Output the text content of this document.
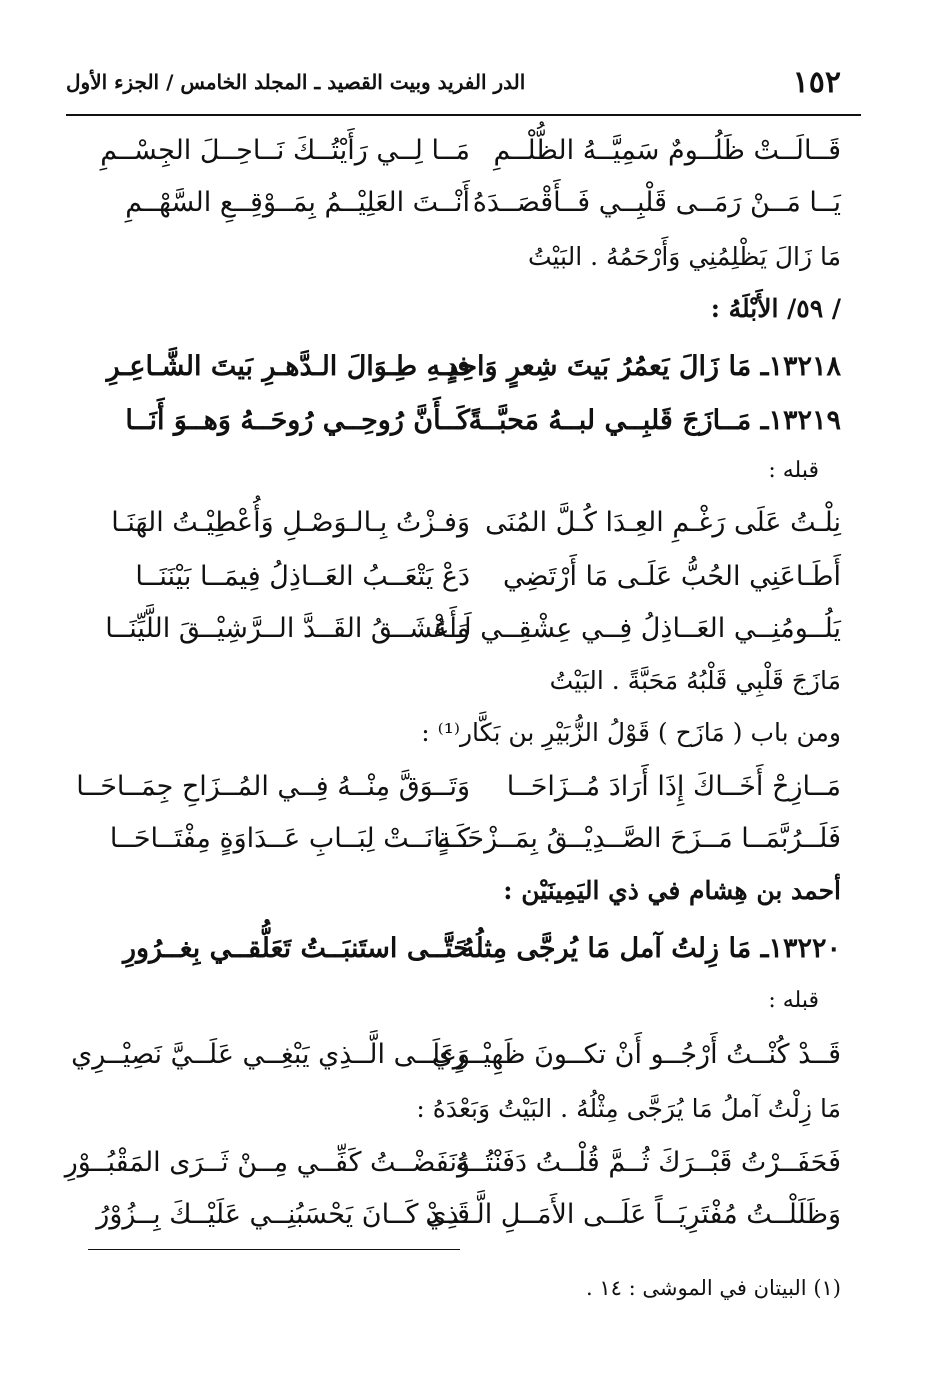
١٥٢
الدر الفريد وبيت القصيد ـ المجلد الخامس / الجزء الأول
قَــالَــتْ ظَلُــومٌ سَمِيَّــهُ الظُّلْــمِ
مَــا لِــي رَأَيْتُــكَ نَــاحِــلَ الجِسْــمِ
يَــا مَــنْ رَمَــى قَلْبِــي فَــأَقْصَــدَهُ
أَنْــتَ العَلِيْــمُ بِمَــوْقِــعِ السَّهْــمِ
مَا زَالَ يَظْلِمُنِي وَأَرْحَمُهُ . البَيْتُ
/ ٥٩/ الأَبْلَهُ :
١٣٢١٨ـ مَا زَالَ يَعمُرُ بَيتَ شِعرٍ وَاحِدٍ
فيـهِ طِـوَالَ الـدَّهـرِ بَيتَ الشَّـاعِـرِ
١٣٢١٩ـ مَــازَجَ قَلبِــي لبــهُ مَحبَّــةً
كَــأَنَّ رُوحِــي رُوحَــهُ وَهــوَ أَنَــا
قبله :
نِلْـتُ عَلَى رَغْـمِ العِـدَا كُـلَّ المُنَى
وَفـزْتُ بِـالـوَصْـلِ وَأُعْطِيْـتُ الهَنَـا
أَطَـاعَنِي الحُبُّ عَلَـى مَا أَرْتَضِي
دَعْ يَتْعَــبُ العَــاذِلُ فِيمَــا بَيْنَنَــا
يَلُــومُنِــي العَــاذِلُ فِــي عِشْقِــي لَــهُ
وَأَعْشَــقُ القَــدَّ الــرَّشِيْــقَ اللَّيِّنَــا
مَازَجَ قَلْبِي قَلْبُهُ مَحَبَّةً . البَيْتُ
ومن باب ( مَازَح ) قَوْلُ الزُّبَيْرِ بن بَكَّار⁽¹⁾ :
مَــازِحْ أَخَــاكَ إِذَا أَرَادَ مُــزَاحَــا
وَتَــوَقَّ مِنْــهُ فِــي المُــزَاحِ جِمَــاحَــا
فَلَــرُبَّمَــا مَــزَحَ الصَّــدِيْــقُ بِمَــزْحَــةٍ
كَــانَــتْ لِبَــابِ عَــدَاوَةٍ مِفْتَــاحَــا
أحمد بن هِشام في ذي اليَمِينَيْن :
١٣٢٢٠ـ مَا زِلتُ آمل مَا يُرجَّى مِثلُهُ
حَتَّــى استَنبَــتُ تَعَلُّقــي بِغــرُورِ
قبله :
قَــدْ كُنْــتُ أَرْجُــو أَنْ تكــونَ ظَهِيْــرِي
وَعَلَــى الَّــذِي يَبْغِــي عَلَــيَّ نَصِيْــرِي
مَا زِلْتُ آملُ مَا يُرَجَّى مِثْلُهُ . البَيْتُ وَبَعْدَهُ :
فَحَفَــرْتُ قَبْــرَكَ ثُــمَّ قُلْــتُ دَفَنْتُــهُ
وَنَفَضْــتُ كَفِّــي مِــنْ ثَــرَى المَقْبُــوْرِ
وَظَلَلْــتُ مُفْتَرِيَــاً عَلَــى الأَمَــلِ الَّــذِي
قَــدْ كَــانَ يَحْسَبُنِــي عَلَيْــكَ بِــزُوْرُ
(١) البيتان في الموشى : ١٤ .
